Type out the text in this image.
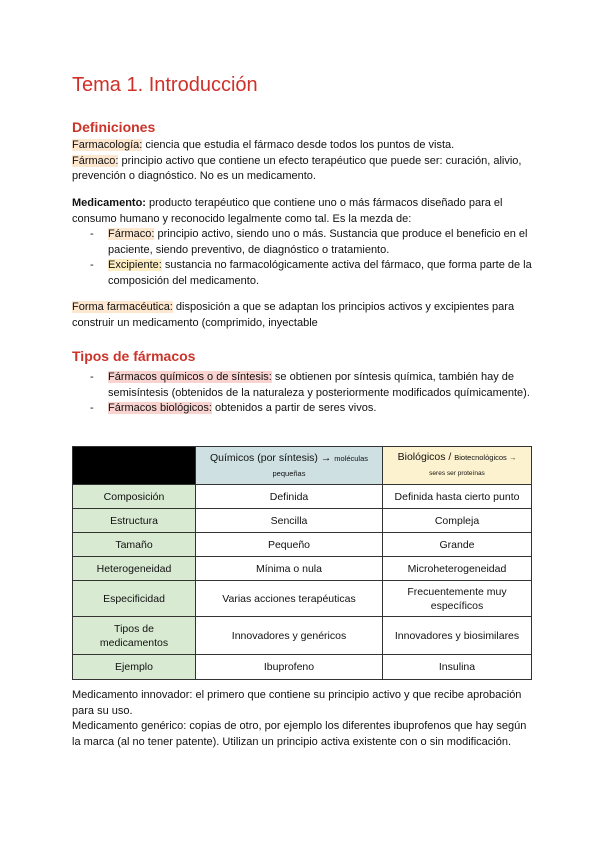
Tema 1. Introducción
Definiciones

Farmacología: ciencia que estudia el fármaco desde todos los puntos de vista.

Fármaco: principio activo que contiene un efecto terapéutico que puede ser: curación, alivio, prevención o diagnóstico. No es un medicamento.

Medicamento: producto terapéutico que contiene uno o más fármacos diseñado para el consumo humano y reconocido legalmente como tal. Es la mezda de:

- Fármaco: principio activo, siendo uno o más. Sustancia que produce el beneficio en el paciente, siendo preventivo, de diagnóstico o tratamiento.
- Excipiente: sustancia no farmacológicamente activa del fármaco, que forma parte de la composición del medicamento.

Forma farmacéutica: disposición a que se adaptan los principios activos y excipientes para construir un medicamento (comprimido, inyectable

Tipos de fármacos
- Fármacos químicos o de síntesis: se obtienen por síntesis química, también hay de semisíntesis (obtenidos de la naturaleza y posteriormente modificados químicamente).
- Fármacos biológicos: obtenidos a partir de seres vivos.
	Químicos (por síntesis) → moléculas pequeñas	Biológicos / Biotecnológicos →
seres ser proteínas
Composición	Definida	Definida hasta cierto punto
Estructura	Sencilla	Compleja
Tamaño	Pequeño	Grande
Heterogeneidad	Mínima o nula	Microheterogeneidad
Especificidad	Varias acciones terapéuticas	Frecuentemente muy específicos
Tipos de medicamentos	Innovadores y genéricos	Innovadores y biosimilares
Ejemplo	Ibuprofeno	Insulina

Medicamento innovador: el primero que contiene su principio activo y que recibe aprobación para su uso.

Medicamento genérico: copias de otro, por ejemplo los diferentes ibuprofenos que hay según la marca (al no tener patente). Utilizan un principio activa existente con o sin modificación.
